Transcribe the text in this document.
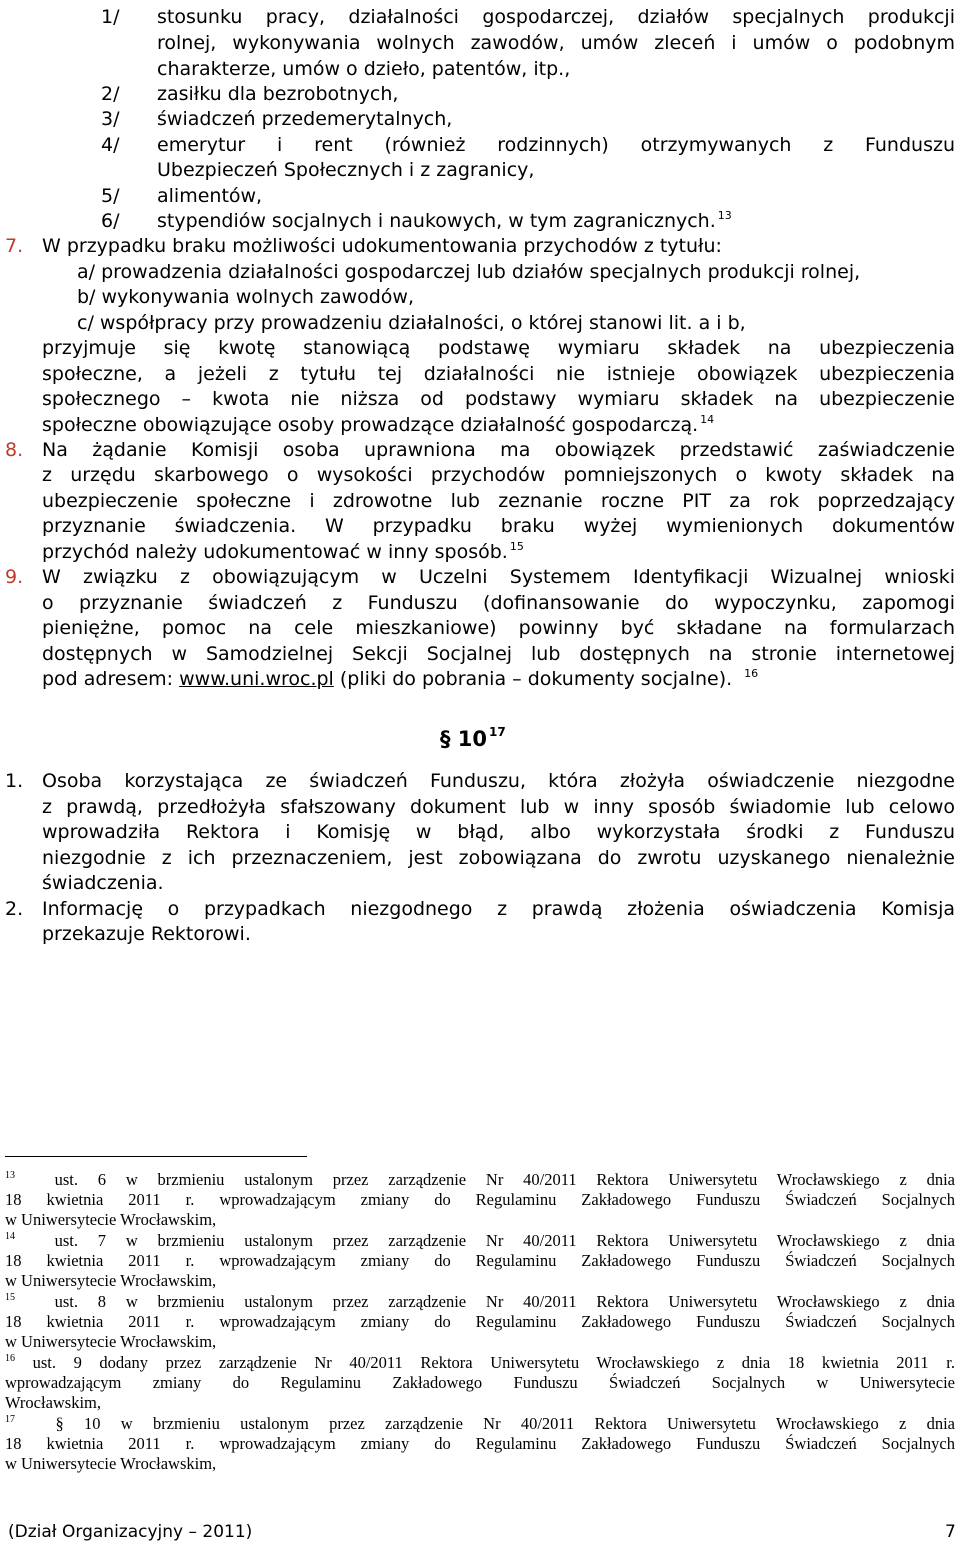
1/ stosunku pracy, działalności gospodarczej, działów specjalnych produkcji
rolnej, wykonywania wolnych zawodów, umów zleceń i umów o podobnym
charakterze, umów o dzieło, patentów, itp.,
2/ zasiłku dla bezrobotnych,
3/ świadczeń przedemerytalnych,
4/ emerytur i rent (również rodzinnych) otrzymywanych z Funduszu
Ubezpieczeń Społecznych i z zagranicy,
5/ alimentów,
6/ stypendiów socjalnych i naukowych, w tym zagranicznych. $^{13}$
7. W przypadku braku możliwości udokumentowania przychodów z tytułu:
a/ prowadzenia działalności gospodarczej lub działów specjalnych produkcji rolnej,
b/ wykonywania wolnych zawodów,
c/ współpracy przy prowadzeniu działalności, o której stanowi lit. a i b,
przyjmuje się kwotę stanowiącą podstawę wymiaru składek na ubezpieczenia
społeczne, a jeżeli z tytułu tej działalności nie istnieje obowiązek ubezpieczenia
społecznego – kwota nie niższa od podstawy wymiaru składek na ubezpieczenie
społeczne obowiązujące osoby prowadzące działalność gospodarczą. $^{14}$
8. Na żądanie Komisji osoba uprawniona ma obowiązek przedstawić zaświadczenie
z urzędu skarbowego o wysokości przychodów pomniejszonych o kwoty składek na
ubezpieczenie społeczne i zdrowotne lub zeznanie roczne PIT za rok poprzedzający
przyznanie świadczenia. W przypadku braku wyżej wymienionych dokumentów
przychód należy udokumentować w inny sposób. $^{15}$
9. W związku z obowiązującym w Uczelni Systemem Identyfikacji Wizualnej wnioski
o przyznanie świadczeń z Funduszu (dofinansowanie do wypoczynku, zapomogi
pieniężne, pomoc na cele mieszkaniowe) powinny być składane na formularzach
dostępnych w Samodzielnej Sekcji Socjalnej lub dostępnych na stronie internetowej
pod adresem: www.uni.wroc.pl (pliki do pobrania – dokumenty socjalne). $^{16}$
§ 10 $^{17}$
1. Osoba korzystająca ze świadczeń Funduszu, która złożyła oświadczenie niezgodne
z prawdą, przedłożyła sfałszowany dokument lub w inny sposób świadomie lub celowo
wprowadziła Rektora i Komisję w błąd, albo wykorzystała środki z Funduszu
niezgodnie z ich przeznaczeniem, jest zobowiązana do zwrotu uzyskanego nienależnie
świadczenia.
2. Informację o przypadkach niezgodnego z prawdą złożenia oświadczenia Komisja
przekazuje Rektorowi.
$^{13}$ ust. 6 w brzmieniu ustalonym przez zarządzenie Nr 40/2011 Rektora Uniwersytetu Wrocławskiego z dnia
18 kwietnia 2011 r. wprowadzającym zmiany do Regulaminu Zakładowego Funduszu Świadczeń Socjalnych
w Uniwersytecie Wrocławskim,
$^{14}$ ust. 7 w brzmieniu ustalonym przez zarządzenie Nr 40/2011 Rektora Uniwersytetu Wrocławskiego z dnia
18 kwietnia 2011 r. wprowadzającym zmiany do Regulaminu Zakładowego Funduszu Świadczeń Socjalnych
w Uniwersytecie Wrocławskim,
$^{15}$ ust. 8 w brzmieniu ustalonym przez zarządzenie Nr 40/2011 Rektora Uniwersytetu Wrocławskiego z dnia
18 kwietnia 2011 r. wprowadzającym zmiany do Regulaminu Zakładowego Funduszu Świadczeń Socjalnych
w Uniwersytecie Wrocławskim,
$^{16}$ ust. 9 dodany przez zarządzenie Nr 40/2011 Rektora Uniwersytetu Wrocławskiego z dnia 18 kwietnia 2011 r.
wprowadzającym zmiany do Regulaminu Zakładowego Funduszu Świadczeń Socjalnych w Uniwersytecie
Wrocławskim,
$^{17}$ § 10 w brzmieniu ustalonym przez zarządzenie Nr 40/2011 Rektora Uniwersytetu Wrocławskiego z dnia
18 kwietnia 2011 r. wprowadzającym zmiany do Regulaminu Zakładowego Funduszu Świadczeń Socjalnych
w Uniwersytecie Wrocławskim,
(Dział Organizacyjny – 2011)	7
